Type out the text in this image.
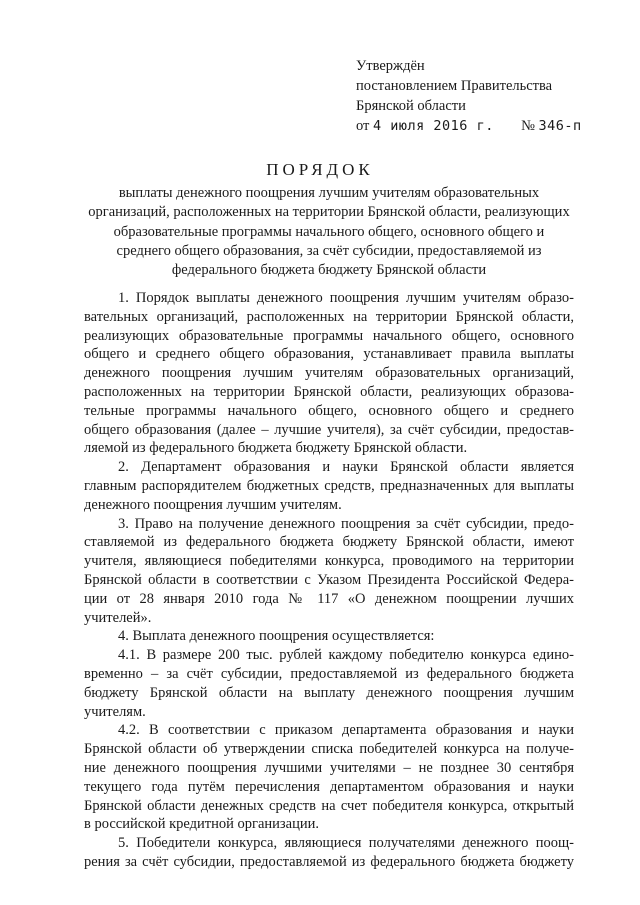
Утверждён
постановлением Правительства
Брянской области
от 4 июля 2016 г. № 346-п
ПОРЯДОК
выплаты денежного поощрения лучшим учителям образовательных
организаций, расположенных на территории Брянской области, реализующих
образовательные программы начального общего, основного общего и
среднего общего образования, за счёт субсидии, предоставляемой из
федерального бюджета бюджету Брянской области
1. Порядок выплаты денежного поощрения лучшим учителям образо-
вательных организаций, расположенных на территории Брянской области,
реализующих образовательные программы начального общего, основного
общего и среднего общего образования, устанавливает правила выплаты
денежного поощрения лучшим учителям образовательных организаций,
расположенных на территории Брянской области, реализующих образова-
тельные программы начального общего, основного общего и среднего
общего образования (далее – лучшие учителя), за счёт субсидии, предостав-
ляемой из федерального бюджета бюджету Брянской области.
2. Департамент образования и науки Брянской области является
главным распорядителем бюджетных средств, предназначенных для выплаты
денежного поощрения лучшим учителям.
3. Право на получение денежного поощрения за счёт субсидии, предо-
ставляемой из федерального бюджета бюджету Брянской области, имеют
учителя, являющиеся победителями конкурса, проводимого на территории
Брянской области в соответствии с Указом Президента Российской Федера-
ции от 28 января 2010 года № 117 «О денежном поощрении лучших
учителей».
4. Выплата денежного поощрения осуществляется:
4.1. В размере 200 тыс. рублей каждому победителю конкурса едино-
временно – за счёт субсидии, предоставляемой из федерального бюджета
бюджету Брянской области на выплату денежного поощрения лучшим
учителям.
4.2. В соответствии с приказом департамента образования и науки
Брянской области об утверждении списка победителей конкурса на получе-
ние денежного поощрения лучшими учителями – не позднее 30 сентября
текущего года путём перечисления департаментом образования и науки
Брянской области денежных средств на счет победителя конкурса, открытый
в российской кредитной организации.
5. Победители конкурса, являющиеся получателями денежного поощ-
рения за счёт субсидии, предоставляемой из федерального бюджета бюджету
